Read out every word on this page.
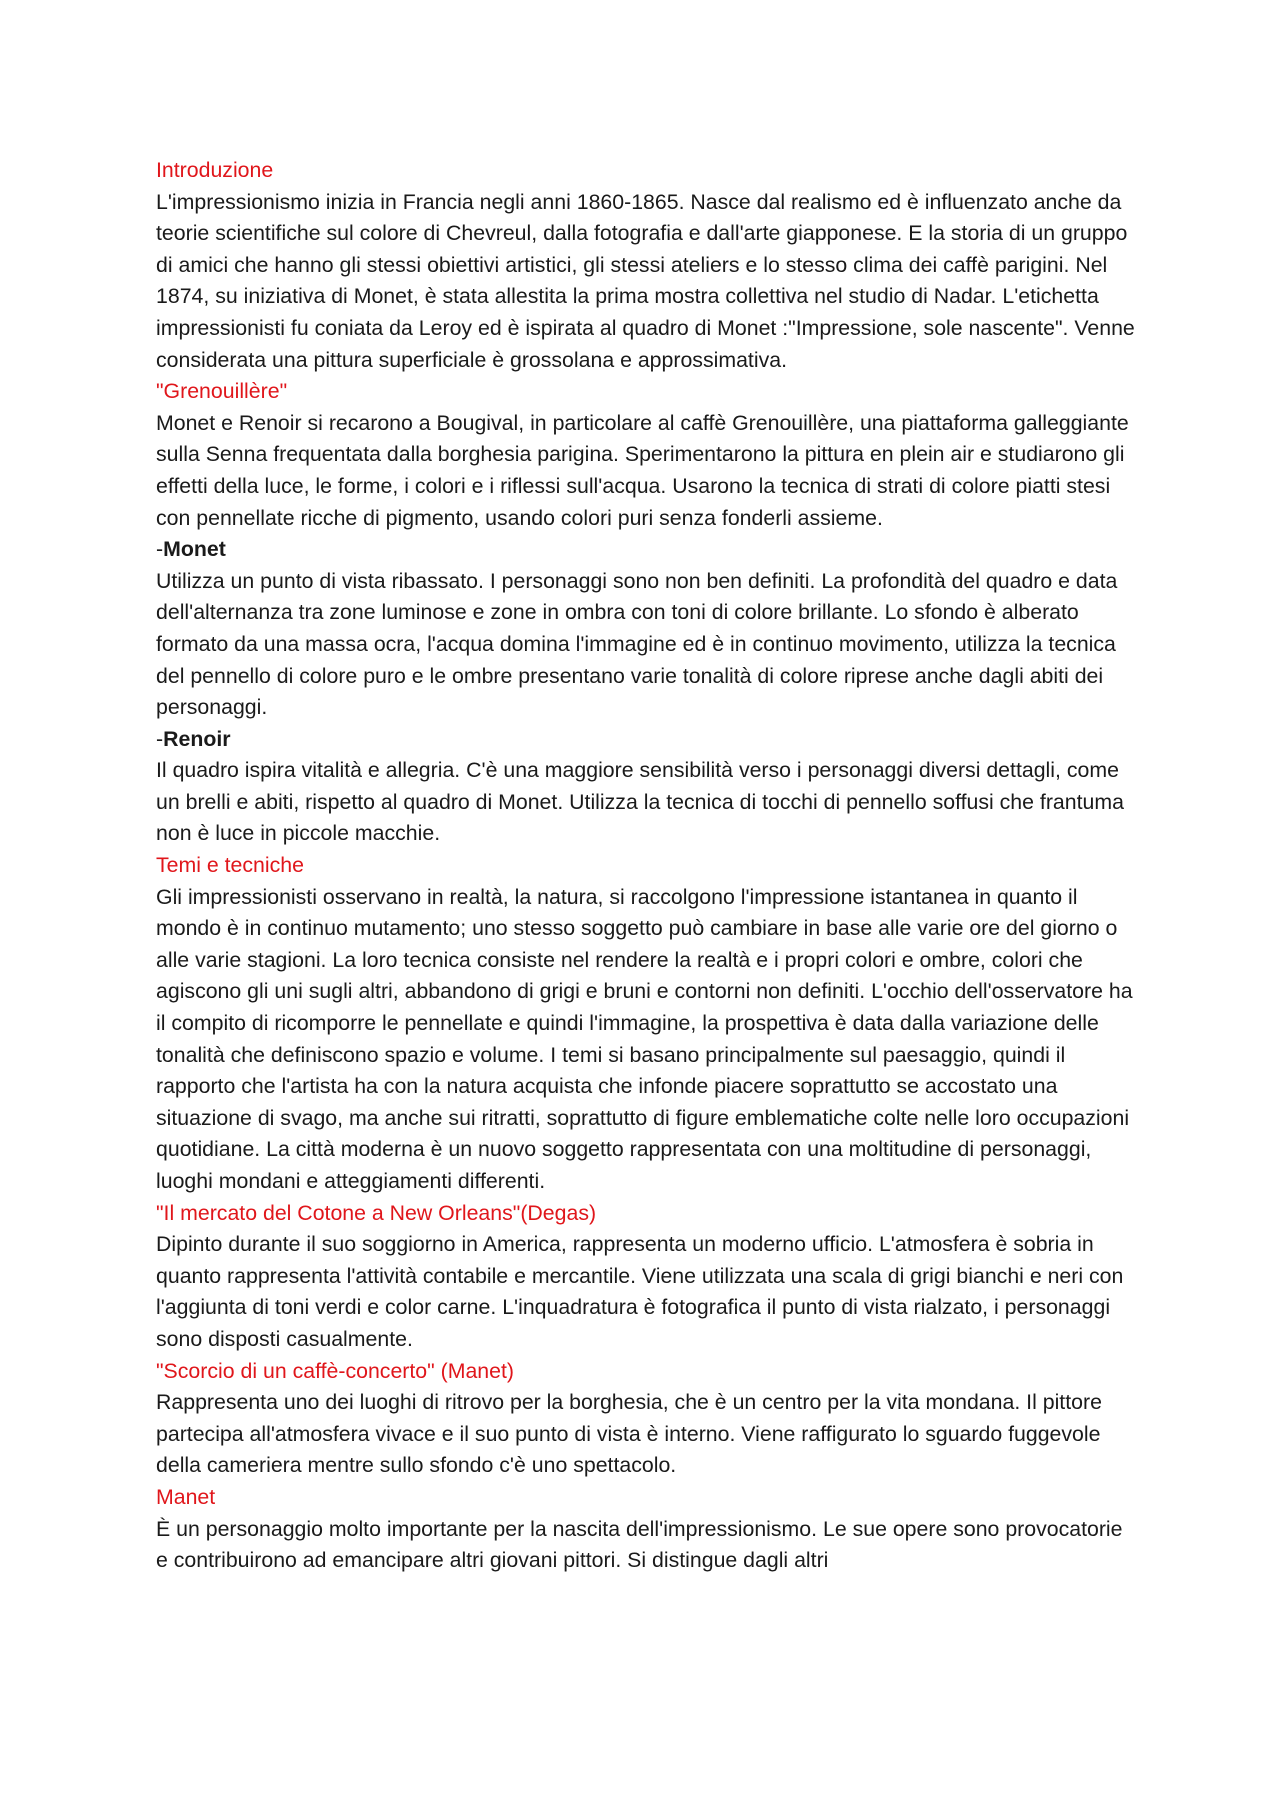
Introduzione

L'impressionismo inizia in Francia negli anni 1860-1865. Nasce dal realismo ed è influenzato anche da teorie scientifiche sul colore di Chevreul, dalla fotografia e dall'arte giapponese. E la storia di un gruppo di amici che hanno gli stessi obiettivi artistici, gli stessi ateliers e lo stesso clima dei caffè parigini. Nel 1874, su iniziativa di Monet, è stata allestita la prima mostra collettiva nel studio di Nadar. L'etichetta impressionisti fu coniata da Leroy ed è ispirata al quadro di Monet :"Impressione, sole nascente". Venne considerata una pittura superficiale è grossolana e approssimativa.

"Grenouillère"

Monet e Renoir si recarono a Bougival, in particolare al caffè Grenouillère, una piattaforma galleggiante sulla Senna frequentata dalla borghesia parigina. Sperimentarono la pittura en plein air e studiarono gli effetti della luce, le forme, i colori e i riflessi sull'acqua. Usarono la tecnica di strati di colore piatti stesi con pennellate ricche di pigmento, usando colori puri senza fonderli assieme.

-Monet

Utilizza un punto di vista ribassato. I personaggi sono non ben definiti. La profondità del quadro e data dell'alternanza tra zone luminose e zone in ombra con toni di colore brillante. Lo sfondo è alberato formato da una massa ocra, l'acqua domina l'immagine ed è in continuo movimento, utilizza la tecnica del pennello di colore puro e le ombre presentano varie tonalità di colore riprese anche dagli abiti dei personaggi.

-Renoir

Il quadro ispira vitalità e allegria. C'è una maggiore sensibilità verso i personaggi diversi dettagli, come un brelli e abiti, rispetto al quadro di Monet. Utilizza la tecnica di tocchi di pennello soffusi che frantuma non è luce in piccole macchie.

Temi e tecniche

Gli impressionisti osservano in realtà, la natura, si raccolgono l'impressione istantanea in quanto il mondo è in continuo mutamento; uno stesso soggetto può cambiare in base alle varie ore del giorno o alle varie stagioni. La loro tecnica consiste nel rendere la realtà e i propri colori e ombre, colori che agiscono gli uni sugli altri, abbandono di grigi e bruni e contorni non definiti. L'occhio dell'osservatore ha il compito di ricomporre le pennellate e quindi l'immagine, la prospettiva è data dalla variazione delle tonalità che definiscono spazio e volume. I temi si basano principalmente sul paesaggio, quindi il rapporto che l'artista ha con la natura acquista che infonde piacere soprattutto se accostato una situazione di svago, ma anche sui ritratti, soprattutto di figure emblematiche colte nelle loro occupazioni quotidiane. La città moderna è un nuovo soggetto rappresentata con una moltitudine di personaggi, luoghi mondani e atteggiamenti differenti.

"Il mercato del Cotone a New Orleans"(Degas)

Dipinto durante il suo soggiorno in America, rappresenta un moderno ufficio. L'atmosfera è sobria in quanto rappresenta l'attività contabile e mercantile. Viene utilizzata una scala di grigi bianchi e neri con l'aggiunta di toni verdi e color carne. L'inquadratura è fotografica il punto di vista rialzato, i personaggi sono disposti casualmente.

"Scorcio di un caffè-concerto" (Manet)

Rappresenta uno dei luoghi di ritrovo per la borghesia, che è un centro per la vita mondana. Il pittore partecipa all'atmosfera vivace e il suo punto di vista è interno. Viene raffigurato lo sguardo fuggevole della cameriera mentre sullo sfondo c'è uno spettacolo.

Manet

È un personaggio molto importante per la nascita dell'impressionismo. Le sue opere sono provocatorie e contribuirono ad emancipare altri giovani pittori. Si distingue dagli altri
